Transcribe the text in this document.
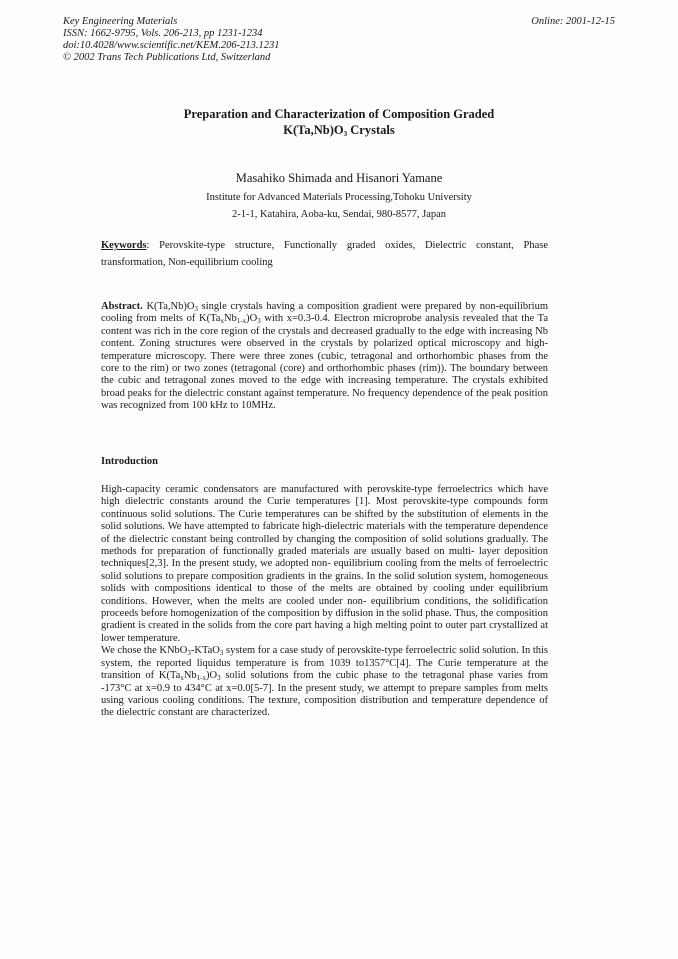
Key Engineering Materials
ISSN: 1662-9795, Vols. 206-213, pp 1231-1234
doi:10.4028/www.scientific.net/KEM.206-213.1231
© 2002 Trans Tech Publications Ltd, Switzerland
Online: 2001-12-15
Preparation and Characterization of Composition Graded
$K(Ta,Nb)O_3$ Crystals
Masahiko Shimada and Hisanori Yamane
Institute for Advanced Materials Processing,Tohoku University
2-1-1, Katahira, Aoba-ku, Sendai, 980-8577, Japan
Keywords: Perovskite-type structure, Functionally graded oxides, Dielectric constant, Phase transformation, Non-equilibrium cooling
Abstract. $K(Ta,Nb)O_3$ single crystals having a composition gradient were prepared by non-equilibrium cooling from melts of $K(Ta_xNb_{1-x})O_3$ with x=0.3-0.4. Electron microprobe analysis revealed that the Ta content was rich in the core region of the crystals and decreased gradually to the edge with increasing Nb content. Zoning structures were observed in the crystals by polarized optical microscopy and high-temperature microscopy. There were three zones (cubic, tetragonal and orthorhombic phases from the core to the rim) or two zones (tetragonal (core) and orthorhombic phases (rim)). The boundary between the cubic and tetragonal zones moved to the edge with increasing temperature. The crystals exhibited broad peaks for the dielectric constant against temperature. No frequency dependence of the peak position was recognized from 100 kHz to 10MHz.
Introduction

High-capacity ceramic condensators are manufactured with perovskite-type ferroelectrics which have high dielectric constants around the Curie temperatures [1]. Most perovskite-type compounds form continuous solid solutions. The Curie temperatures can be shifted by the substitution of elements in the solid solutions. We have attempted to fabricate high-dielectric materials with the temperature dependence of the dielectric constant being controlled by changing the composition of solid solutions gradually. The methods for preparation of functionally graded materials are usually based on multi- layer deposition techniques[2,3]. In the present study, we adopted non- equilibrium cooling from the melts of ferroelectric solid solutions to prepare composition gradients in the grains. In the solid solution system, homogeneous solids with compositions identical to those of the melts are obtained by cooling under equilibrium conditions. However, when the melts are cooled under non- equilibrium conditions, the solidification proceeds before homogenization of the composition by diffusion in the solid phase. Thus, the composition gradient is created in the solids from the core part having a high melting point to outer part crystallized at lower temperature.

We chose the KNbO$_3$-KTaO$_3$ system for a case study of perovskite-type ferroelectric solid solution. In this system, the reported liquidus temperature is from 1039 to1357°C[4]. The Curie temperature at the transition of $K(Ta_xNb_{1-x})O_3$ solid solutions from the cubic phase to the tetragonal phase varies from -173°C at x=0.9 to 434°C at x=0.0[5-7]. In the present study, we attempt to prepare samples from melts using various cooling conditions. The texture, composition distribution and temperature dependence of the dielectric constant are characterized.
